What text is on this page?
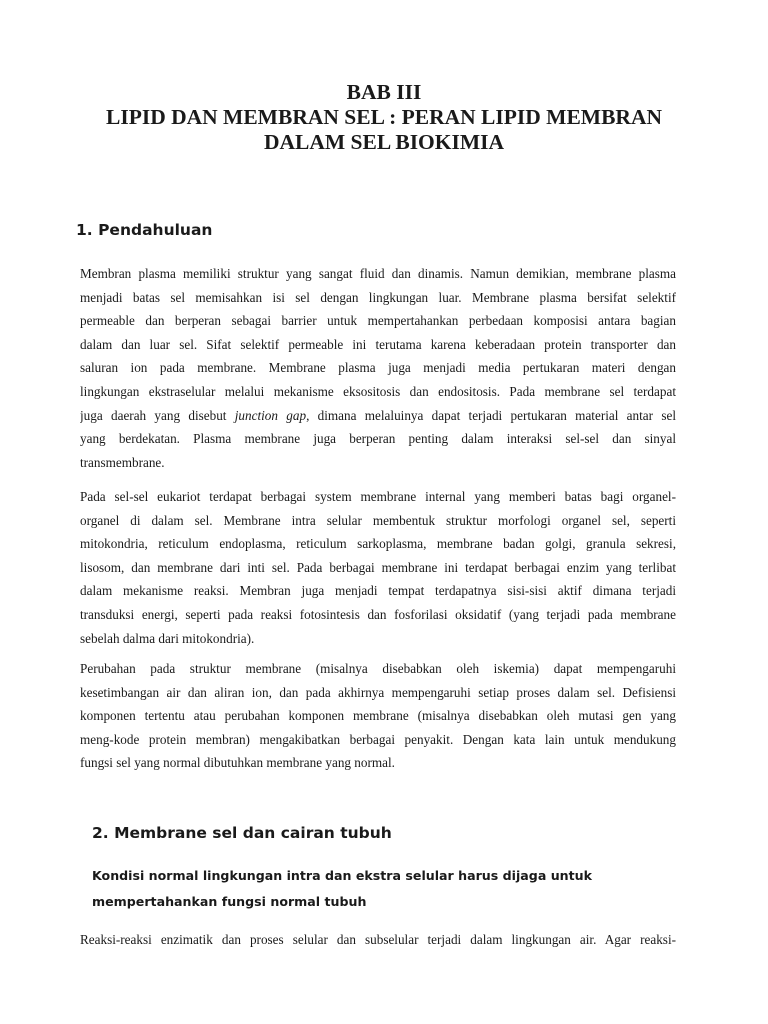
BAB III
LIPID DAN MEMBRAN SEL : PERAN LIPID MEMBRAN
DALAM SEL BIOKIMIA
1. Pendahuluan
Membran plasma memiliki struktur yang sangat fluid dan dinamis. Namun demikian, membrane plasma
menjadi batas sel memisahkan isi sel dengan lingkungan luar. Membrane plasma bersifat selektif
permeable dan berperan sebagai barrier untuk mempertahankan perbedaan komposisi antara bagian
dalam dan luar sel. Sifat selektif permeable ini terutama karena keberadaan protein transporter dan
saluran ion pada membrane. Membrane plasma juga menjadi media pertukaran materi dengan
lingkungan ekstraselular melalui mekanisme eksositosis dan endositosis. Pada membrane sel terdapat
juga daerah yang disebut junction gap, dimana melaluinya dapat terjadi pertukaran material antar sel
yang berdekatan. Plasma membrane juga berperan penting dalam interaksi sel-sel dan sinyal
transmembrane.
Pada sel-sel eukariot terdapat berbagai system membrane internal yang memberi batas bagi organel-
organel di dalam sel. Membrane intra selular membentuk struktur morfologi organel sel, seperti
mitokondria, reticulum endoplasma, reticulum sarkoplasma, membrane badan golgi, granula sekresi,
lisosom, dan membrane dari inti sel. Pada berbagai membrane ini terdapat berbagai enzim yang terlibat
dalam mekanisme reaksi. Membran juga menjadi tempat terdapatnya sisi-sisi aktif dimana terjadi
transduksi energi, seperti pada reaksi fotosintesis dan fosforilasi oksidatif (yang terjadi pada membrane
sebelah dalma dari mitokondria).
Perubahan pada struktur membrane (misalnya disebabkan oleh iskemia) dapat mempengaruhi
kesetimbangan air dan aliran ion, dan pada akhirnya mempengaruhi setiap proses dalam sel. Defisiensi
komponen tertentu atau perubahan komponen membrane (misalnya disebabkan oleh mutasi gen yang
meng-kode protein membran) mengakibatkan berbagai penyakit. Dengan kata lain untuk mendukung
fungsi sel yang normal dibutuhkan membrane yang normal.
2. Membrane sel dan cairan tubuh
Kondisi normal lingkungan intra dan ekstra selular harus dijaga untuk
mempertahankan fungsi normal tubuh
Reaksi-reaksi enzimatik dan proses selular dan subselular terjadi dalam lingkungan air. Agar reaksi-
